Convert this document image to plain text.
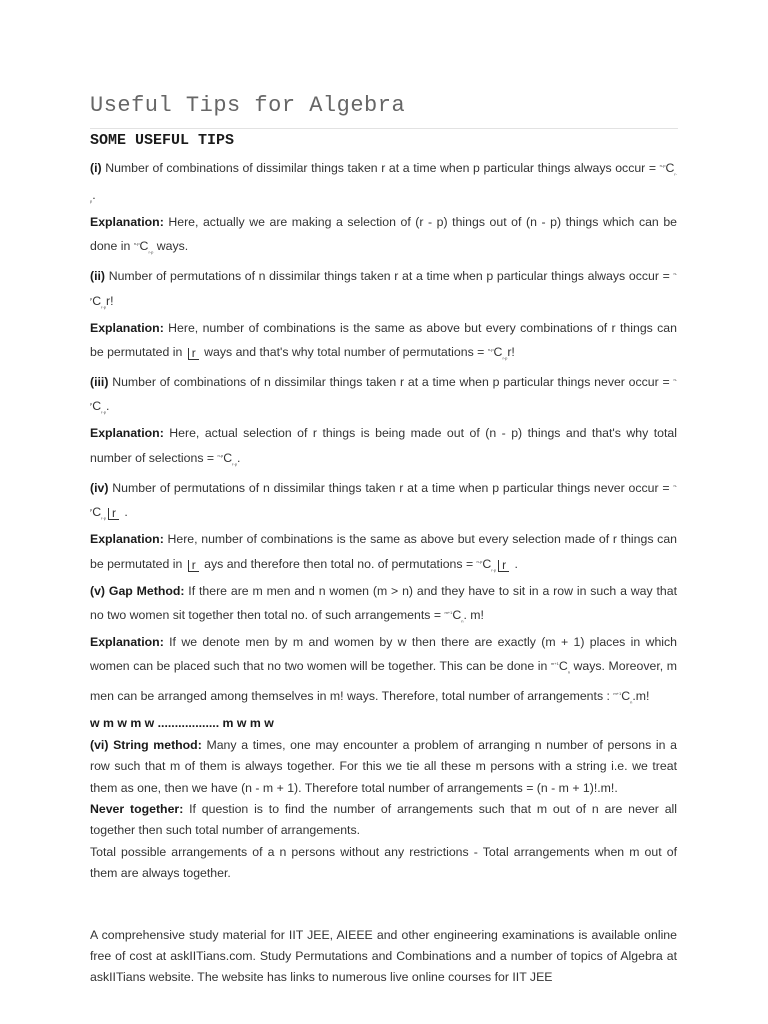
Useful Tips for Algebra
SOME USEFUL TIPS

(i) Number of combinations of dissimilar things taken r at a time when p particular things always occur = $^{n-p}C_{r-p}$.

Explanation: Here, actually we are making a selection of (r - p) things out of (n - p) things which can be done in $^{n-p}C_{r-p}$ ways.

(ii) Number of permutations of n dissimilar things taken r at a time when p particular things always occur = $^{n-p}C_{r-p}r$!

Explanation: Here, number of combinations is the same as above but every combinations of r things can be permutated in r ways and that's why total number of permutations = $^{n-p}C_{r-p}r$!

(iii) Number of combinations of n dissimilar things taken r at a time when p particular things never occur = $^{n-p}C_{r-p}$.

Explanation: Here, actual selection of r things is being made out of (n - p) things and that's why total number of selections = $^{n-p}C_{r-p}$.

(iv) Number of permutations of n dissimilar things taken r at a time when p particular things never occur = $^{n-p}C_{r-p}$ r .

Explanation: Here, number of combinations is the same as above but every selection made of r things can be permutated in r ays and therefore then total no. of permutations = $^{n-p}C_{r-p}$ r .

(v) Gap Method: If there are m men and n women (m > n) and they have to sit in a row in such a way that no two women sit together then total no. of such arrangements = $^{m+1}C_n$. m!

Explanation: If we denote men by m and women by w then there are exactly (m + 1) places in which women can be placed such that no two women will be together. This can be done in $^{m+1}C_n$ ways. Moreover, m men can be arranged among themselves in m! ways. Therefore, total number of arrangements : $^{m+1}C_n.m$!

w m w m w .................. m w m w

(vi) String method: Many a times, one may encounter a problem of arranging n number of persons in a row such that m of them is always together. For this we tie all these m persons with a string i.e. we treat them as one, then we have (n - m + 1). Therefore total number of arrangements = (n - m + 1)!.m!.

Never together: If question is to find the number of arrangements such that m out of n are never all together then such total number of arrangements.

Total possible arrangements of a n persons without any restrictions - Total arrangements when m out of them are always together.

A comprehensive study material for IIT JEE, AIEEE and other engineering examinations is available online free of cost at askIITians.com. Study Permutations and Combinations and a number of topics of Algebra at askIITians website. The website has links to numerous live online courses for IIT JEE
